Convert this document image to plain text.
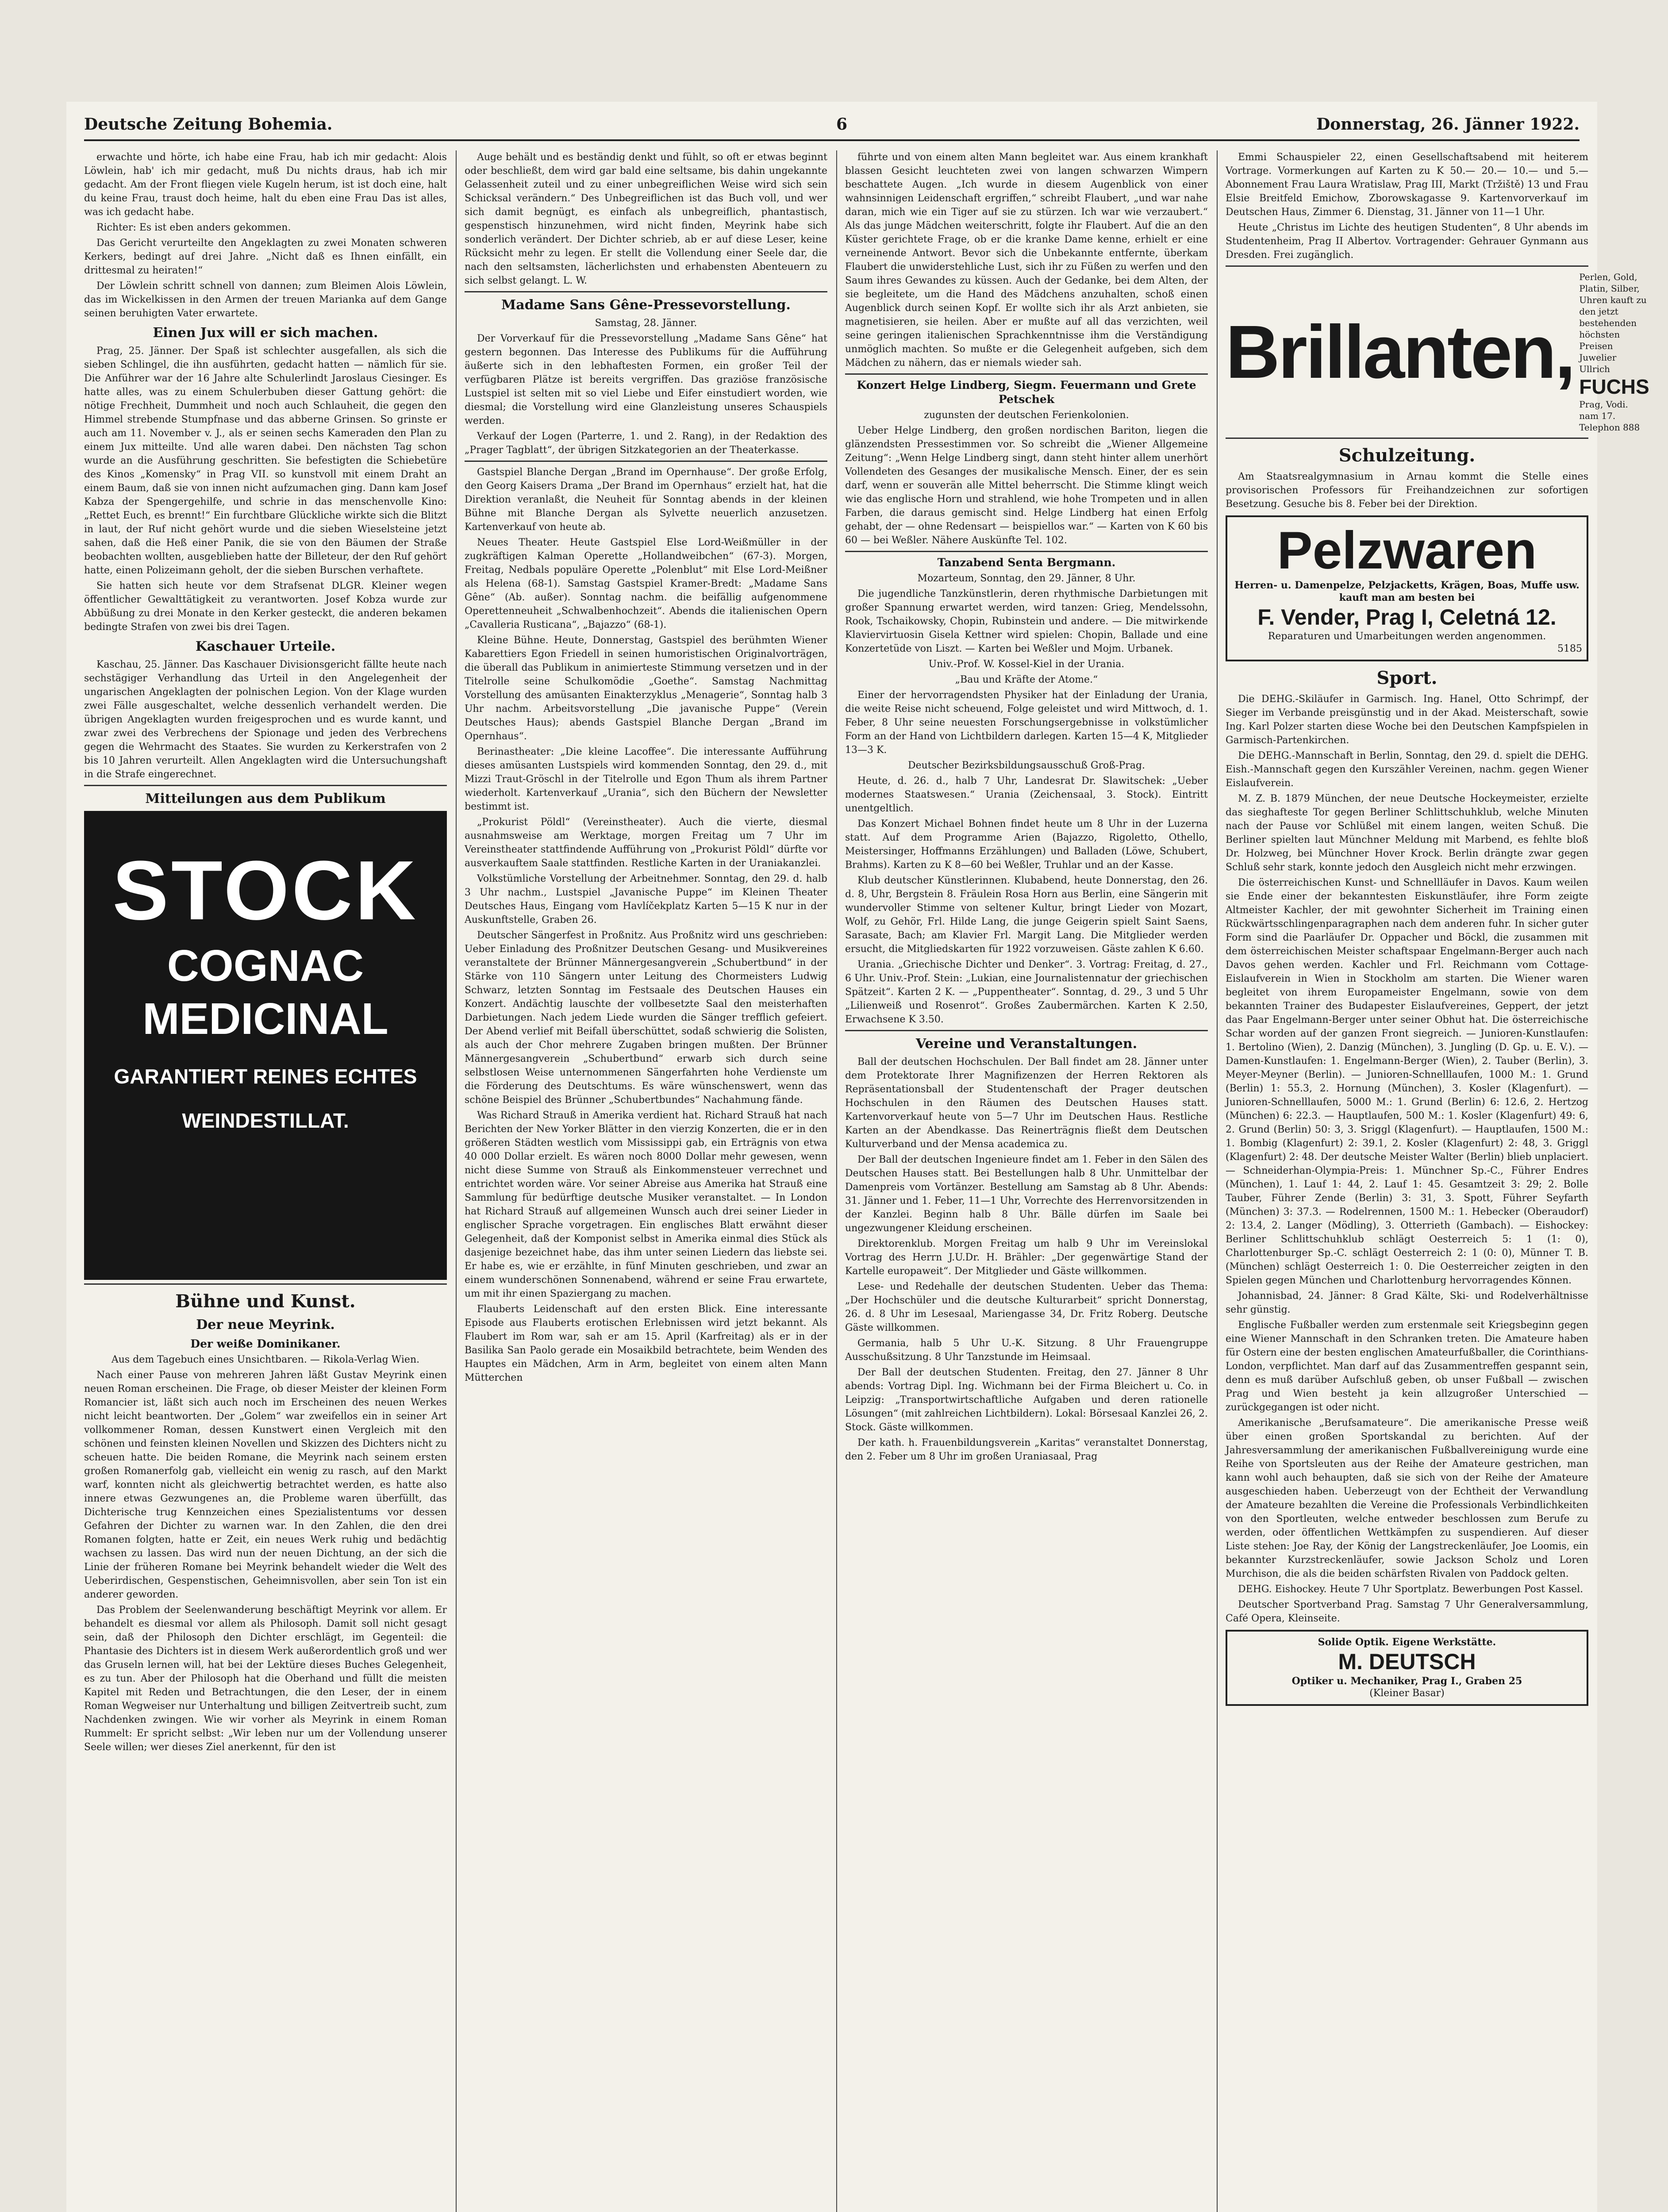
Deutsche Zeitung Bohemia.	6	Donnerstag, 26. Jänner 1922.

erwachte und hörte, ich habe eine Frau, hab ich mir gedacht: Alois Löwlein, hab' ich mir gedacht, muß Du nichts draus, hab ich mir gedacht. Am der Front fliegen viele Kugeln herum, ist ist doch eine, halt du keine Frau, traust doch heime, halt du eben eine Frau Das ist alles, was ich gedacht habe.

Richter: Es ist eben anders gekommen.

Das Gericht verurteilte den Angeklagten zu zwei Monaten schweren Kerkers, bedingt auf drei Jahre. „Nicht daß es Ihnen einfällt, ein drittesmal zu heiraten!“

Der Löwlein schritt schnell von dannen; zum Bleimen Alois Löwlein, das im Wickelkissen in den Armen der treuen Marianka auf dem Gange seinen beruhigten Vater erwartete.

Einen Jux will er sich machen.

Prag, 25. Jänner. Der Spaß ist schlechter ausgefallen, als sich die sieben Schlingel, die ihn ausführten, gedacht hatten — nämlich für sie. Die Anführer war der 16 Jahre alte Schulerlindt Jaroslaus Ciesinger. Es hatte alles, was zu einem Schulerbuben dieser Gattung gehört: die nötige Frechheit, Dummheit und noch auch Schlauheit, die gegen den Himmel strebende Stumpfnase und das abberne Grinsen. So grinste er auch am 11. November v. J., als er seinen sechs Kameraden den Plan zu einem Jux mitteilte. Und alle waren dabei. Den nächsten Tag schon wurde an die Ausführung geschritten. Sie befestigten die Schiebetüre des Kinos „Komensky“ in Prag VII. so kunstvoll mit einem Draht an einem Baum, daß sie von innen nicht aufzumachen ging. Dann kam Josef Kabza der Spengergehilfe, und schrie in das menschenvolle Kino: „Rettet Euch, es brennt!“ Ein furchtbare Glückliche wirkte sich die Blitzt in laut, der Ruf nicht gehört wurde und die sieben Wieselsteine jetzt sahen, daß die Heß einer Panik, die sie von den Bäumen der Straße beobachten wollten, ausgeblieben hatte der Billeteur, der den Ruf gehört hatte, einen Polizeimann geholt, der die sieben Burschen verhaftete.

Sie hatten sich heute vor dem Strafsenat DLGR. Kleiner wegen öffentlicher Gewalttätigkeit zu verantworten. Josef Kobza wurde zur Abbüßung zu drei Monate in den Kerker gesteckt, die anderen bekamen bedingte Strafen von zwei bis drei Tagen.

Kaschauer Urteile.

Kaschau, 25. Jänner. Das Kaschauer Divisionsgericht fällte heute nach sechstägiger Verhandlung das Urteil in den Angelegenheit der ungarischen Angeklagten der polnischen Legion. Von der Klage wurden zwei Fälle ausgeschaltet, welche dessenlich verhandelt werden. Die übrigen Angeklagten wurden freigesprochen und es wurde kannt, und zwar zwei des Verbrechens der Spionage und jeden des Verbrechens gegen die Wehrmacht des Staates. Sie wurden zu Kerkerstrafen von 2 bis 10 Jahren verurteilt. Allen Angeklagten wird die Untersuchungshaft in die Strafe eingerechnet.

Mitteilungen aus dem Publikum
STOCK
COGNAC
MEDICINAL
GARANTIERT REINES ECHTES
WEINDESTILLAT.
Bühne und Kunst.
Der neue Meyrink.
Der weiße Dominikaner.

Aus dem Tagebuch eines Unsichtbaren. — Rikola-Verlag Wien.

Nach einer Pause von mehreren Jahren läßt Gustav Meyrink einen neuen Roman erscheinen. Die Frage, ob dieser Meister der kleinen Form Romancier ist, läßt sich auch noch im Erscheinen des neuen Werkes nicht leicht beantworten. Der „Golem“ war zweifellos ein in seiner Art vollkommener Roman, dessen Kunstwert einen Vergleich mit den schönen und feinsten kleinen Novellen und Skizzen des Dichters nicht zu scheuen hatte. Die beiden Romane, die Meyrink nach seinem ersten großen Romanerfolg gab, vielleicht ein wenig zu rasch, auf den Markt warf, konnten nicht als gleichwertig betrachtet werden, es hatte also innere etwas Gezwungenes an, die Probleme waren überfüllt, das Dichterische trug Kennzeichen eines Spezialistentums vor dessen Gefahren der Dichter zu warnen war. In den Zahlen, die den drei Romanen folgten, hatte er Zeit, ein neues Werk ruhig und bedächtig wachsen zu lassen. Das wird nun der neuen Dichtung, an der sich die Linie der früheren Romane bei Meyrink behandelt wieder die Welt des Ueberirdischen, Gespenstischen, Geheimnisvollen, aber sein Ton ist ein anderer geworden.

Das Problem der Seelenwanderung beschäftigt Meyrink vor allem. Er behandelt es diesmal vor allem als Philosoph. Damit soll nicht gesagt sein, daß der Philosoph den Dichter erschlägt, im Gegenteil: die Phantasie des Dichters ist in diesem Werk außerordentlich groß und wer das Gruseln lernen will, hat bei der Lektüre dieses Buches Gelegenheit, es zu tun. Aber der Philosoph hat die Oberhand und füllt die meisten Kapitel mit Reden und Betrachtungen, die den Leser, der in einem Roman Wegweiser nur Unterhaltung und billigen Zeitvertreib sucht, zum Nachdenken zwingen. Wie wir vorher als Meyrink in einem Roman Rummelt: Er spricht selbst: „Wir leben nur um der Vollendung unserer Seele willen; wer dieses Ziel anerkennt, für den ist

Auge behält und es beständig denkt und fühlt, so oft er etwas beginnt oder beschließt, dem wird gar bald eine seltsame, bis dahin ungekannte Gelassenheit zuteil und zu einer unbegreiflichen Weise wird sich sein Schicksal verändern.“ Des Unbegreiflichen ist das Buch voll, und wer sich damit begnügt, es einfach als unbegreiflich, phantastisch, gespenstisch hinzunehmen, wird nicht finden, Meyrink habe sich sonderlich verändert. Der Dichter schrieb, ab er auf diese Leser, keine Rücksicht mehr zu legen. Er stellt die Vollendung einer Seele dar, die nach den seltsamsten, lächerlichsten und erhabensten Abenteuern zu sich selbst gelangt. L. W.

Madame Sans Gêne-Pressevorstellung.

Samstag, 28. Jänner.

Der Vorverkauf für die Pressevorstellung „Madame Sans Gêne“ hat gestern begonnen. Das Interesse des Publikums für die Aufführung äußerte sich in den lebhaftesten Formen, ein großer Teil der verfügbaren Plätze ist bereits vergriffen. Das graziöse französische Lustspiel ist selten mit so viel Liebe und Eifer einstudiert worden, wie diesmal; die Vorstellung wird eine Glanzleistung unseres Schauspiels werden.

Verkauf der Logen (Parterre, 1. und 2. Rang), in der Redaktion des „Prager Tagblatt“, der übrigen Sitzkategorien an der Theaterkasse.

Gastspiel Blanche Dergan „Brand im Opernhause“. Der große Erfolg, den Georg Kaisers Drama „Der Brand im Opernhaus“ erzielt hat, hat die Direktion veranlaßt, die Neuheit für Sonntag abends in der kleinen Bühne mit Blanche Dergan als Sylvette neuerlich anzusetzen. Kartenverkauf von heute ab.

Neues Theater. Heute Gastspiel Else Lord-Weißmüller in der zugkräftigen Kalman Operette „Hollandweibchen“ (67-3). Morgen, Freitag, Nedbals populäre Operette „Polenblut“ mit Else Lord-Meißner als Helena (68-1). Samstag Gastspiel Kramer-Bredt: „Madame Sans Gêne“ (Ab. außer). Sonntag nachm. die beifällig aufgenommene Operettenneuheit „Schwalbenhochzeit“. Abends die italienischen Opern „Cavalleria Rusticana“, „Bajazzo“ (68-1).

Kleine Bühne. Heute, Donnerstag, Gastspiel des berühmten Wiener Kabarettiers Egon Friedell in seinen humoristischen Originalvorträgen, die überall das Publikum in animierteste Stimmung versetzen und in der Titelrolle seine Schulkomödie „Goethe“. Samstag Nachmittag Vorstellung des amüsanten Einakterzyklus „Menagerie“, Sonntag halb 3 Uhr nachm. Arbeitsvorstellung „Die javanische Puppe“ (Verein Deutsches Haus); abends Gastspiel Blanche Dergan „Brand im Opernhaus“.

Berinastheater: „Die kleine Lacoffee“. Die interessante Aufführung dieses amüsanten Lustspiels wird kommenden Sonntag, den 29. d., mit Mizzi Traut-Gröschl in der Titelrolle und Egon Thum als ihrem Partner wiederholt. Kartenverkauf „Urania“, sich den Büchern der Newsletter bestimmt ist.

„Prokurist Pöldl“ (Vereinstheater). Auch die vierte, diesmal ausnahmsweise am Werktage, morgen Freitag um 7 Uhr im Vereinstheater stattfindende Aufführung von „Prokurist Pöldl“ dürfte vor ausverkauftem Saale stattfinden. Restliche Karten in der Uraniakanzlei.

Volkstümliche Vorstellung der Arbeitnehmer. Sonntag, den 29. d. halb 3 Uhr nachm., Lustspiel „Javanische Puppe“ im Kleinen Theater Deutsches Haus, Eingang vom Havlíčekplatz Karten 5—15 K nur in der Auskunftstelle, Graben 26.

Deutscher Sängerfest in Proßnitz. Aus Proßnitz wird uns geschrieben: Ueber Einladung des Proßnitzer Deutschen Gesang- und Musikvereines veranstaltete der Brünner Männergesangverein „Schubertbund“ in der Stärke von 110 Sängern unter Leitung des Chormeisters Ludwig Schwarz, letzten Sonntag im Festsaale des Deutschen Hauses ein Konzert. Andächtig lauschte der vollbesetzte Saal den meisterhaften Darbietungen. Nach jedem Liede wurden die Sänger trefflich gefeiert. Der Abend verlief mit Beifall überschüttet, sodaß schwierig die Solisten, als auch der Chor mehrere Zugaben bringen mußten. Der Brünner Männergesangverein „Schubertbund“ erwarb sich durch seine selbstlosen Weise unternommenen Sängerfahrten hohe Verdienste um die Förderung des Deutschtums. Es wäre wünschenswert, wenn das schöne Beispiel des Brünner „Schubertbundes“ Nachahmung fände.

Was Richard Strauß in Amerika verdient hat. Richard Strauß hat nach Berichten der New Yorker Blätter in den vierzig Konzerten, die er in den größeren Städten westlich vom Mississippi gab, ein Erträgnis von etwa 40 000 Dollar erzielt. Es wären noch 8000 Dollar mehr gewesen, wenn nicht diese Summe von Strauß als Einkommensteuer verrechnet und entrichtet worden wäre. Vor seiner Abreise aus Amerika hat Strauß eine Sammlung für bedürftige deutsche Musiker veranstaltet. — In London hat Richard Strauß auf allgemeinen Wunsch auch drei seiner Lieder in englischer Sprache vorgetragen. Ein englisches Blatt erwähnt dieser Gelegenheit, daß der Komponist selbst in Amerika einmal dies Stück als dasjenige bezeichnet habe, das ihm unter seinen Liedern das liebste sei. Er habe es, wie er erzählte, in fünf Minuten geschrieben, und zwar an einem wunderschönen Sonnenabend, während er seine Frau erwartete, um mit ihr einen Spaziergang zu machen.

Flauberts Leidenschaft auf den ersten Blick. Eine interessante Episode aus Flauberts erotischen Erlebnissen wird jetzt bekannt. Als Flaubert im Rom war, sah er am 15. April (Karfreitag) als er in der Basilika San Paolo gerade ein Mosaikbild betrachtete, beim Wenden des Hauptes ein Mädchen, Arm in Arm, begleitet von einem alten Mann Mütterchen

führte und von einem alten Mann begleitet war. Aus einem krankhaft blassen Gesicht leuchteten zwei von langen schwarzen Wimpern beschattete Augen. „Ich wurde in diesem Augenblick von einer wahnsinnigen Leidenschaft ergriffen,“ schreibt Flaubert, „und war nahe daran, mich wie ein Tiger auf sie zu stürzen. Ich war wie verzaubert.“ Als das junge Mädchen weiterschritt, folgte ihr Flaubert. Auf die an den Küster gerichtete Frage, ob er die kranke Dame kenne, erhielt er eine verneinende Antwort. Bevor sich die Unbekannte entfernte, überkam Flaubert die unwiderstehliche Lust, sich ihr zu Füßen zu werfen und den Saum ihres Gewandes zu küssen. Auch der Gedanke, bei dem Alten, der sie begleitete, um die Hand des Mädchens anzuhalten, schoß einen Augenblick durch seinen Kopf. Er wollte sich ihr als Arzt anbieten, sie magnetisieren, sie heilen. Aber er mußte auf all das verzichten, weil seine geringen italienischen Sprachkenntnisse ihm die Verständigung unmöglich machten. So mußte er die Gelegenheit aufgeben, sich dem Mädchen zu nähern, das er niemals wieder sah.

Konzert Helge Lindberg, Siegm. Feuermann und Grete Petschek

zugunsten der deutschen Ferienkolonien.

Ueber Helge Lindberg, den großen nordischen Bariton, liegen die glänzendsten Pressestimmen vor. So schreibt die „Wiener Allgemeine Zeitung“: „Wenn Helge Lindberg singt, dann steht hinter allem unerhört Vollendeten des Gesanges der musikalische Mensch. Einer, der es sein darf, wenn er souverän alle Mittel beherrscht. Die Stimme klingt weich wie das englische Horn und strahlend, wie hohe Trompeten und in allen Farben, die daraus gemischt sind. Helge Lindberg hat einen Erfolg gehabt, der — ohne Redensart — beispiellos war.“ — Karten von K 60 bis 60 — bei Weßler. Nähere Auskünfte Tel. 102.

Tanzabend Senta Bergmann.

Mozarteum, Sonntag, den 29. Jänner, 8 Uhr.

Die jugendliche Tanzkünstlerin, deren rhythmische Darbietungen mit großer Spannung erwartet werden, wird tanzen: Grieg, Mendelssohn, Rook, Tschaikowsky, Chopin, Rubinstein und andere. — Die mitwirkende Klaviervirtuosin Gisela Kettner wird spielen: Chopin, Ballade und eine Konzertetüde von Liszt. — Karten bei Weßler und Mojm. Urbanek.

Univ.-Prof. W. Kossel-Kiel in der Urania.

„Bau und Kräfte der Atome.“

Einer der hervorragendsten Physiker hat der Einladung der Urania, die weite Reise nicht scheuend, Folge geleistet und wird Mittwoch, d. 1. Feber, 8 Uhr seine neuesten Forschungsergebnisse in volkstümlicher Form an der Hand von Lichtbildern darlegen. Karten 15—4 K, Mitglieder 13—3 K.

Deutscher Bezirksbildungsausschuß Groß-Prag.

Heute, d. 26. d., halb 7 Uhr, Landesrat Dr. Slawitschek: „Ueber modernes Staatswesen.“ Urania (Zeichensaal, 3. Stock). Eintritt unentgeltlich.

Das Konzert Michael Bohnen findet heute um 8 Uhr in der Luzerna statt. Auf dem Programme Arien (Bajazzo, Rigoletto, Othello, Meistersinger, Hoffmanns Erzählungen) und Balladen (Löwe, Schubert, Brahms). Karten zu K 8—60 bei Weßler, Truhlar und an der Kasse.

Klub deutscher Künstlerinnen. Klubabend, heute Donnerstag, den 26. d. 8, Uhr, Bergstein 8. Fräulein Rosa Horn aus Berlin, eine Sängerin mit wundervoller Stimme von seltener Kultur, bringt Lieder von Mozart, Wolf, zu Gehör, Frl. Hilde Lang, die junge Geigerin spielt Saint Saens, Sarasate, Bach; am Klavier Frl. Margit Lang. Die Mitglieder werden ersucht, die Mitgliedskarten für 1922 vorzuweisen. Gäste zahlen K 6.60.

Urania. „Griechische Dichter und Denker“. 3. Vortrag: Freitag, d. 27., 6 Uhr. Univ.-Prof. Stein: „Lukian, eine Journalistennatur der griechischen Spätzeit“. Karten 2 K. — „Puppentheater“. Sonntag, d. 29., 3 und 5 Uhr „Lilienweiß und Rosenrot“. Großes Zaubermärchen. Karten K 2.50, Erwachsene K 3.50.

Vereine und Veranstaltungen.

Ball der deutschen Hochschulen. Der Ball findet am 28. Jänner unter dem Protektorate Ihrer Magnifizenzen der Herren Rektoren als Repräsentationsball der Studentenschaft der Prager deutschen Hochschulen in den Räumen des Deutschen Hauses statt. Kartenvorverkauf heute von 5—7 Uhr im Deutschen Haus. Restliche Karten an der Abendkasse. Das Reinerträgnis fließt dem Deutschen Kulturverband und der Mensa academica zu.

Der Ball der deutschen Ingenieure findet am 1. Feber in den Sälen des Deutschen Hauses statt. Bei Bestellungen halb 8 Uhr. Unmittelbar der Damenpreis vom Vortänzer. Bestellung am Samstag ab 8 Uhr. Abends: 31. Jänner und 1. Feber, 11—1 Uhr, Vorrechte des Herrenvorsitzenden in der Kanzlei. Beginn halb 8 Uhr. Bälle dürfen im Saale bei ungezwungener Kleidung erscheinen.

Direktorenklub. Morgen Freitag um halb 9 Uhr im Vereinslokal Vortrag des Herrn J.U.Dr. H. Brähler: „Der gegenwärtige Stand der Kartelle europaweit“. Der Mitglieder und Gäste willkommen.

Lese- und Redehalle der deutschen Studenten. Ueber das Thema: „Der Hochschüler und die deutsche Kulturarbeit“ spricht Donnerstag, 26. d. 8 Uhr im Lesesaal, Mariengasse 34, Dr. Fritz Roberg. Deutsche Gäste willkommen.

Germania, halb 5 Uhr U.-K. Sitzung. 8 Uhr Frauengruppe Ausschußsitzung. 8 Uhr Tanzstunde im Heimsaal.

Der Ball der deutschen Studenten. Freitag, den 27. Jänner 8 Uhr abends: Vortrag Dipl. Ing. Wichmann bei der Firma Bleichert u. Co. in Leipzig: „Transportwirtschaftliche Aufgaben und deren rationelle Lösungen“ (mit zahlreichen Lichtbildern). Lokal: Börsesaal Kanzlei 26, 2. Stock. Gäste willkommen.

Der kath. h. Frauenbildungsverein „Karitas“ veranstaltet Donnerstag, den 2. Feber um 8 Uhr im großen Uraniasaal, Prag

Emmi Schauspieler 22, einen Gesellschaftsabend mit heiterem Vortrage. Vormerkungen auf Karten zu K 50.— 20.— 10.— und 5.— Abonnement Frau Laura Wratislaw, Prag III, Markt (Tržiště) 13 und Frau Elsie Breitfeld Emichow, Zborowskagasse 9. Kartenvorverkauf im Deutschen Haus, Zimmer 6. Dienstag, 31. Jänner von 11—1 Uhr.

Heute „Christus im Lichte des heutigen Studenten“, 8 Uhr abends im Studentenheim, Prag II Albertov. Vortragender: Gehrauer Gynmann aus Dresden. Frei zugänglich.

Brillanten,
Perlen, Gold, Platin, Silber, Uhren kauft zu den jetzt bestehenden höchsten Preisen Juwelier Ullrich
FUCHS
Prag, Vodi. nam 17. Telephon 888
Schulzeitung.

Am Staatsrealgymnasium in Arnau kommt die Stelle eines provisorischen Professors für Freihandzeichnen zur sofortigen Besetzung. Gesuche bis 8. Feber bei der Direktion.

Pelzwaren
Herren- u. Damenpelze, Pelzjacketts, Krägen, Boas, Muffe usw. kauft man am besten bei
F. Vender, Prag I, Celetná 12.
Reparaturen und Umarbeitungen werden angenommen.
5185
Sport.

Die DEHG.-Skiläufer in Garmisch. Ing. Hanel, Otto Schrimpf, der Sieger im Verbande preisgünstig und in der Akad. Meisterschaft, sowie Ing. Karl Polzer starten diese Woche bei den Deutschen Kampfspielen in Garmisch-Partenkirchen.

Die DEHG.-Mannschaft in Berlin, Sonntag, den 29. d. spielt die DEHG. Eish.-Mannschaft gegen den Kurszähler Vereinen, nachm. gegen Wiener Eislaufverein.

M. Z. B. 1879 München, der neue Deutsche Hockeymeister, erzielte das sieghafteste Tor gegen Berliner Schlittschuhklub, welche Minuten nach der Pause vor Schlüßel mit einem langen, weiten Schuß. Die Berliner spielten laut Münchner Meldung mit Marbend, es fehlte bloß Dr. Holzweg, bei Münchner Hover Krock. Berlin drängte zwar gegen Schluß sehr stark, konnte jedoch den Ausgleich nicht mehr erzwingen.

Die österreichischen Kunst- und Schnellläufer in Davos. Kaum weilen sie Ende einer der bekanntesten Eiskunstläufer, ihre Form zeigte Altmeister Kachler, der mit gewohnter Sicherheit im Training einen Rückwärtsschlingenparagraphen nach dem anderen fuhr. In sicher guter Form sind die Paarläufer Dr. Oppacher und Böckl, die zusammen mit dem österreichischen Meister schaftspaar Engelmann-Berger auch nach Davos gehen werden. Kachler und Frl. Reichmann vom Cottage-Eislaufverein in Wien in Stockholm am starten. Die Wiener waren begleitet von ihrem Europameister Engelmann, sowie von dem bekannten Trainer des Budapester Eislaufvereines, Geppert, der jetzt das Paar Engelmann-Berger unter seiner Obhut hat. Die österreichische Schar worden auf der ganzen Front siegreich. — Junioren-Kunstlaufen: 1. Bertolino (Wien), 2. Danzig (München), 3. Jungling (D. Gp. u. E. V.). — Damen-Kunstlaufen: 1. Engelmann-Berger (Wien), 2. Tauber (Berlin), 3. Meyer-Meyner (Berlin). — Junioren-Schnelllaufen, 1000 M.: 1. Grund (Berlin) 1: 55.3, 2. Hornung (München), 3. Kosler (Klagenfurt). — Junioren-Schnelllaufen, 5000 M.: 1. Grund (Berlin) 6: 12.6, 2. Hertzog (München) 6: 22.3. — Hauptlaufen, 500 M.: 1. Kosler (Klagenfurt) 49: 6, 2. Grund (Berlin) 50: 3, 3. Sriggl (Klagenfurt). — Hauptlaufen, 1500 M.: 1. Bombig (Klagenfurt) 2: 39.1, 2. Kosler (Klagenfurt) 2: 48, 3. Griggl (Klagenfurt) 2: 48. Der deutsche Meister Walter (Berlin) blieb unplaciert. — Schneiderhan-Olympia-Preis: 1. Münchner Sp.-C., Führer Endres (München), 1. Lauf 1: 44, 2. Lauf 1: 45. Gesamtzeit 3: 29; 2. Bolle Tauber, Führer Zende (Berlin) 3: 31, 3. Spott, Führer Seyfarth (München) 3: 37.3. — Rodelrennen, 1500 M.: 1. Hebecker (Oberaudorf) 2: 13.4, 2. Langer (Mödling), 3. Otterrieth (Gambach). — Eishockey: Berliner Schlittschuhklub schlägt Oesterreich 5: 1 (1: 0), Charlottenburger Sp.-C. schlägt Oesterreich 2: 1 (0: 0), Münner T. B. (München) schlägt Oesterreich 1: 0. Die Oesterreicher zeigten in den Spielen gegen München und Charlottenburg hervorragendes Können.

Johannisbad, 24. Jänner: 8 Grad Kälte, Ski- und Rodelverhältnisse sehr günstig.

Englische Fußballer werden zum erstenmale seit Kriegsbeginn gegen eine Wiener Mannschaft in den Schranken treten. Die Amateure haben für Ostern eine der besten englischen Amateurfußballer, die Corinthians-London, verpflichtet. Man darf auf das Zusammentreffen gespannt sein, denn es muß darüber Aufschluß geben, ob unser Fußball — zwischen Prag und Wien besteht ja kein allzugroßer Unterschied — zurückgegangen ist oder nicht.

Amerikanische „Berufsamateure“. Die amerikanische Presse weiß über einen großen Sportskandal zu berichten. Auf der Jahresversammlung der amerikanischen Fußballvereinigung wurde eine Reihe von Sportsleuten aus der Reihe der Amateure gestrichen, man kann wohl auch behaupten, daß sie sich von der Reihe der Amateure ausgeschieden haben. Ueberzeugt von der Echtheit der Verwandlung der Amateure bezahlten die Vereine die Professionals Verbindlichkeiten von den Sportleuten, welche entweder beschlossen zum Berufe zu werden, oder öffentlichen Wettkämpfen zu suspendieren. Auf dieser Liste stehen: Joe Ray, der König der Langstreckenläufer, Joe Loomis, ein bekannter Kurzstreckenläufer, sowie Jackson Scholz und Loren Murchison, die als die beiden schärfsten Rivalen von Paddock gelten.

DEHG. Eishockey. Heute 7 Uhr Sportplatz. Bewerbungen Post Kassel.

Deutscher Sportverband Prag. Samstag 7 Uhr Generalversammlung, Café Opera, Kleinseite.

Solide Optik. Eigene Werkstätte.
M. DEUTSCH
Optiker u. Mechaniker, Prag I., Graben 25
(Kleiner Basar)
